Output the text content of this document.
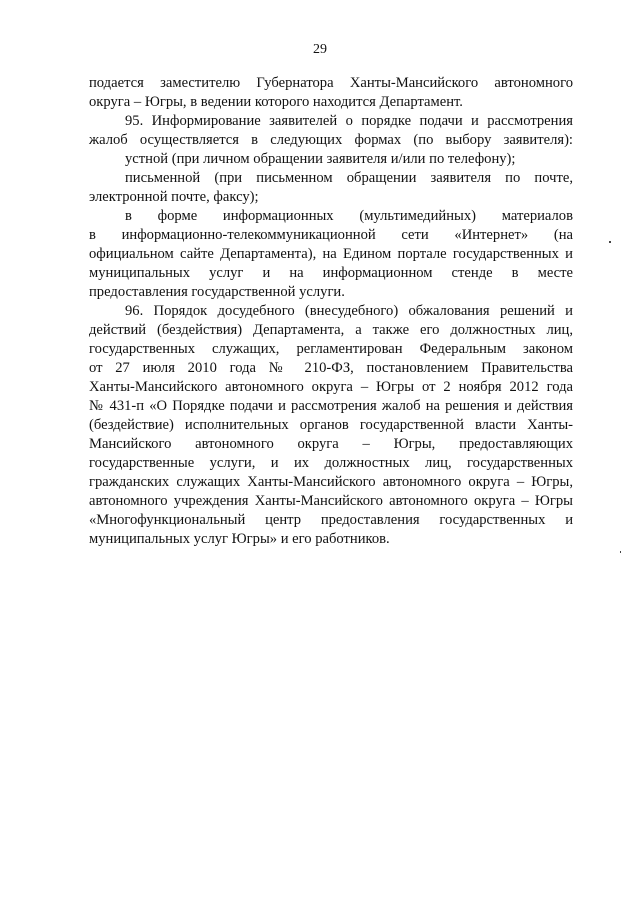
29
подается заместителю Губернатора Ханты-Мансийского автономного
округа – Югры, в ведении которого находится Департамент.
95. Информирование заявителей о порядке подачи и рассмотрения
жалоб осуществляется в следующих формах (по выбору заявителя):
устной (при личном обращении заявителя и/или по телефону);
письменной (при письменном обращении заявителя по почте,
электронной почте, факсу);
в форме информационных (мультимедийных) материалов
в информационно-телекоммуникационной сети «Интернет» (на
официальном сайте Департамента), на Едином портале государственных и
муниципальных услуг и на информационном стенде в месте
предоставления государственной услуги.
96. Порядок досудебного (внесудебного) обжалования решений и
действий (бездействия) Департамента, а также его должностных лиц,
государственных служащих, регламентирован Федеральным законом
от 27 июля 2010 года № 210-ФЗ, постановлением Правительства
Ханты-Мансийского автономного округа – Югры от 2 ноября 2012 года
№ 431-п «О Порядке подачи и рассмотрения жалоб на решения и действия
(бездействие) исполнительных органов государственной власти Ханты-
Мансийского автономного округа – Югры, предоставляющих
государственные услуги, и их должностных лиц, государственных
гражданских служащих Ханты-Мансийского автономного округа – Югры,
автономного учреждения Ханты-Мансийского автономного округа – Югры
«Многофункциональный центр предоставления государственных и
муниципальных услуг Югры» и его работников.
